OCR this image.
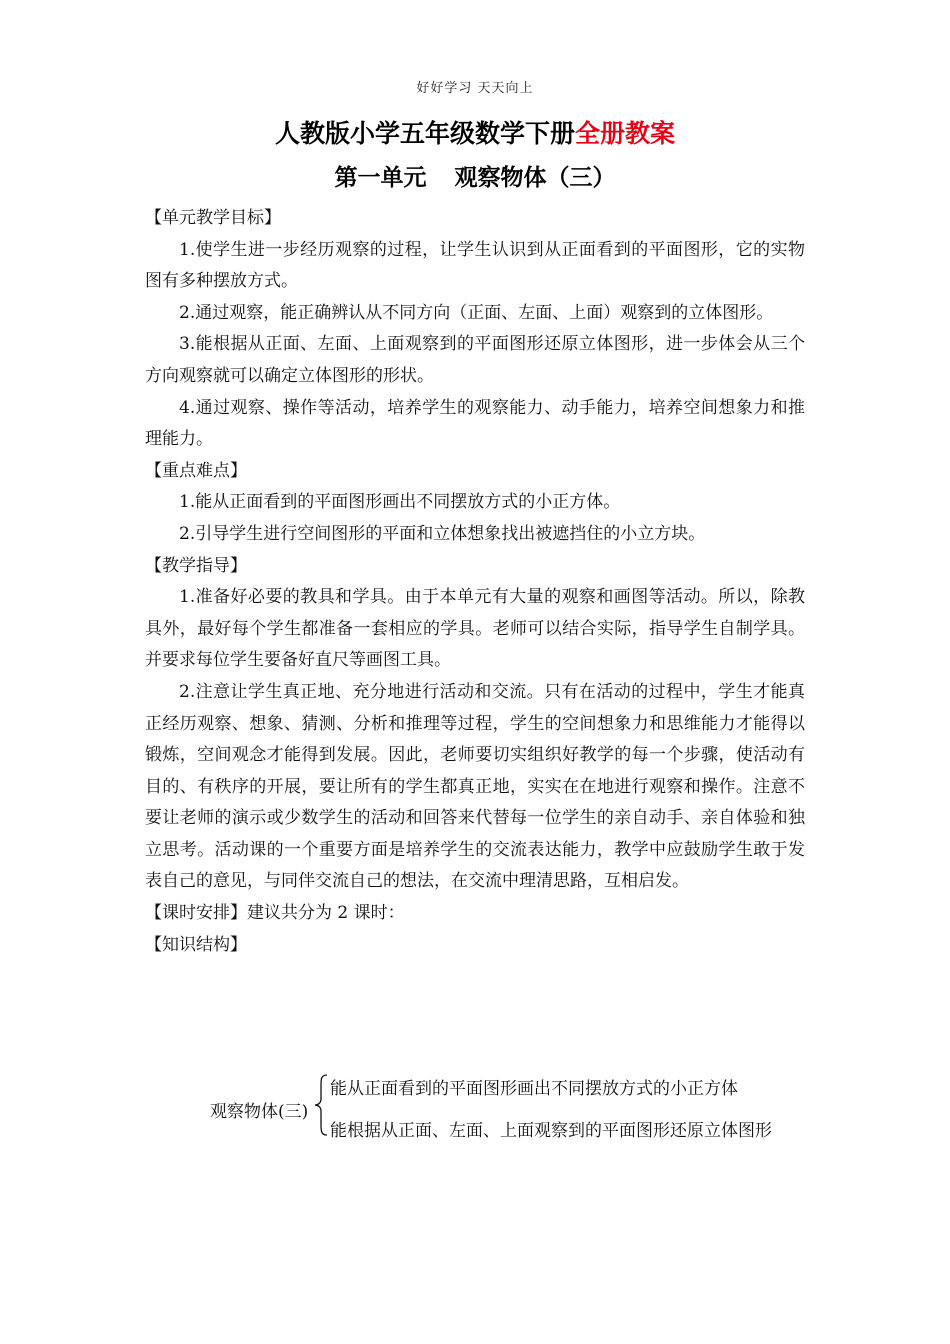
好好学习 天天向上
人教版小学五年级数学下册全册教案
第一单元 观察物体（三）

【单元教学目标】

1.使学生进一步经历观察的过程，让学生认识到从正面看到的平面图形，它的实物图有多种摆放方式。

2.通过观察，能正确辨认从不同方向（正面、左面、上面）观察到的立体图形。

3.能根据从正面、左面、上面观察到的平面图形还原立体图形，进一步体会从三个方向观察就可以确定立体图形的形状。

4.通过观察、操作等活动，培养学生的观察能力、动手能力，培养空间想象力和推理能力。

【重点难点】

1.能从正面看到的平面图形画出不同摆放方式的小正方体。

2.引导学生进行空间图形的平面和立体想象找出被遮挡住的小立方块。

【教学指导】

1.准备好必要的教具和学具。由于本单元有大量的观察和画图等活动。所以，除教具外，最好每个学生都准备一套相应的学具。老师可以结合实际，指导学生自制学具。并要求每位学生要备好直尺等画图工具。

2.注意让学生真正地、充分地进行活动和交流。只有在活动的过程中，学生才能真正经历观察、想象、猜测、分析和推理等过程，学生的空间想象力和思维能力才能得以锻炼，空间观念才能得到发展。因此，老师要切实组织好教学的每一个步骤，使活动有目的、有秩序的开展，要让所有的学生都真正地，实实在在地进行观察和操作。注意不要让老师的演示或少数学生的活动和回答来代替每一位学生的亲自动手、亲自体验和独立思考。活动课的一个重要方面是培养学生的交流表达能力，教学中应鼓励学生敢于发表自己的意见，与同伴交流自己的想法，在交流中理清思路，互相启发。

【课时安排】建议共分为 2 课时：

【知识结构】

观察物体(三)
能从正面看到的平面图形画出不同摆放方式的小正方体
能根据从正面、左面、上面观察到的平面图形还原立体图形
